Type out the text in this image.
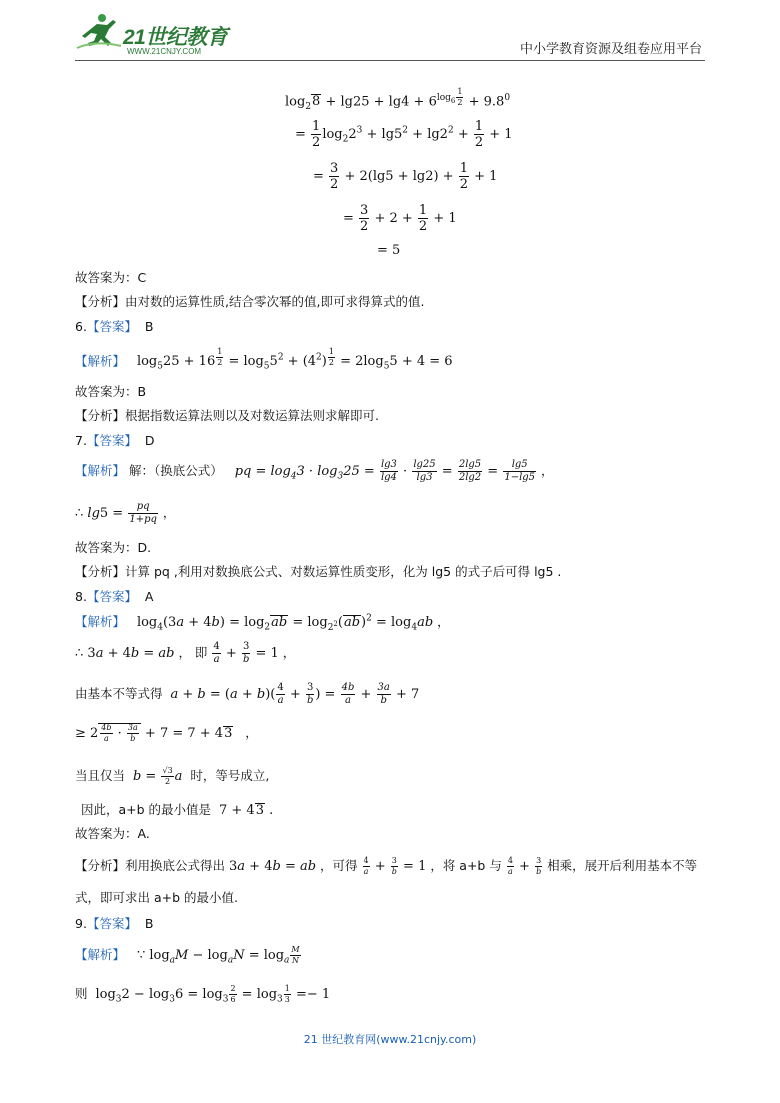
21世纪教育
WWW.21CNJY.COM	中小学教育资源及组卷应用平台
$\log_28 + \lg 25 + \lg 4 + 6^{log_6 \frac{1}{2}} + 9.8^0$
= $\frac{1}{2} \log_22^3 + \lg 5^2 + \lg 2^2 + \frac{1}{2} + 1$
= $\frac{3}{2} + 2(\lg 5 + \lg 2) + \frac{1}{2} + 1$
= $\frac{3}{2} + 2 + \frac{1}{2} + 1$
= 5
故答案为：C
【分析】由对数的运算性质,结合零次幂的值,即可求得算式的值.
6.【答案】 B
【解析】 $\log_525 + 16$ $^{\frac{1}{2}} = \log_55^2 + (4^2) ^{\frac{1}{2}} = 2\log_55 + 4 = 6$
故答案为：B
【分析】根据指数运算法则以及对数运算法则求解即可.
7.【答案】 D
【解析】 解：（换底公式） pq = $\log_43 \cdot \log_325 = \frac{\lg 3}{\lg 4} \cdot \frac{\lg 25}{\lg 3} = \frac{2\lg 5}{2\lg 2} = \frac{\lg 5}{1-\lg 5}$ ，
∴ $\lg 5 = \frac{pq}{1+pq}$ ，
故答案为：D.
【分析】计算 pq ,利用对数换底公式、对数运算性质变形，化为 lg5 的式子后可得 lg5 .
8.【答案】 A
【解析】 $\log_4(3a + 4b) = \log_2ab = \log_{2^2}(ab)^2 = \log_4ab$ ，
∴ 3a + 4b = ab ， 即 $\frac{4}{a} + \frac{3}{b} = 1$ ，
由基本不等式得 $a + b = (a + b)( \frac{4}{a} + \frac{3}{b}$ ) = $\frac{4b}{a} + \frac{3a}{b} + 7$
≥ $2 \frac{4b}{a} \cdot \frac{3a}{b} + 7 = 7 + 43$   ，
当且仅当 $b = \frac{√3}{2}$ a 时，等号成立,
因此，a+b 的最小值是 7 + 43 .
故答案为：A.
【分析】利用换底公式得出 3a + 4b = ab ，可得 $\frac{4}{a} + \frac{3}{b} = 1$ ，将 a+b 与 $\frac{4}{a} + \frac{3}{b}$ 相乘，展开后利用基本不等
式，即可求出 a+b 的最小值.
9.【答案】 B
【解析】 ∵ $\log_aM - \log_aN = \log_a \frac{M}{N}$
则 $\log_32 - \log_36 = \log_3 \frac{2}{6} = \log_3 \frac{1}{3} =- 1$
21 世纪教育网(www.21cnjy.com)
